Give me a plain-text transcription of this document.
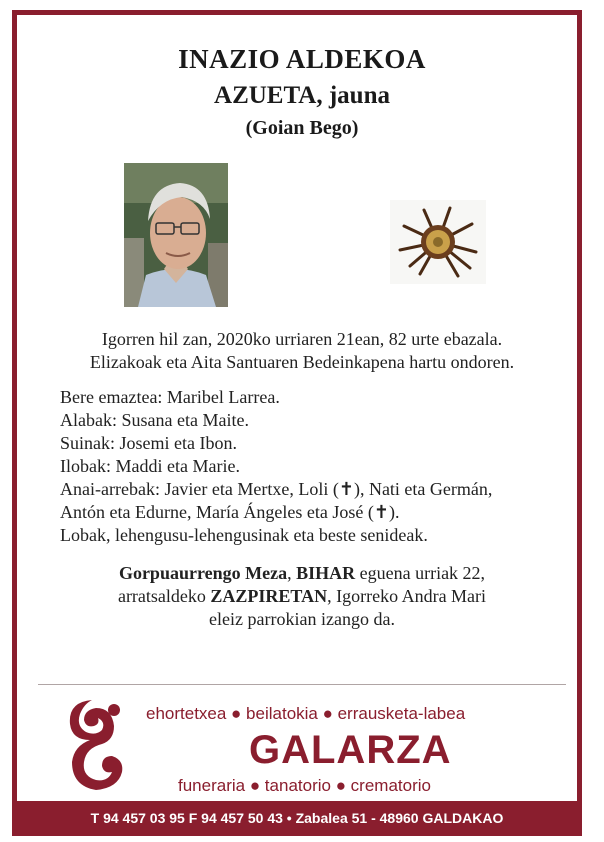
INAZIO ALDEKOA
AZUETA, jauna
(Goian Bego)
Igorren hil zan, 2020ko urriaren 21ean, 82 urte ebazala.
Elizakoak eta Aita Santuaren Bedeinkapena hartu ondoren.
Bere emaztea: Maribel Larrea.
Alabak: Susana eta Maite.
Suinak: Josemi eta Ibon.
Ilobak: Maddi eta Marie.
Anai-arrebak: Javier eta Mertxe, Loli (✝), Nati eta Germán,
Antón eta Edurne, María Ángeles eta José (✝).
Lobak, lehengusu-lehengusinak eta beste senideak.
Gorpuaurrengo Meza, BIHAR eguena urriak 22,
arratsaldeko ZAZPIRETAN, Igorreko Andra Mari
eleiz parrokian izango da.
ehortetxea ● beilatokia ● errausketa-labea
GALARZA
funeraria ● tanatorio ● crematorio
T 94 457 03 95 F 94 457 50 43 • Zabalea 51 - 48960 GALDAKAO
